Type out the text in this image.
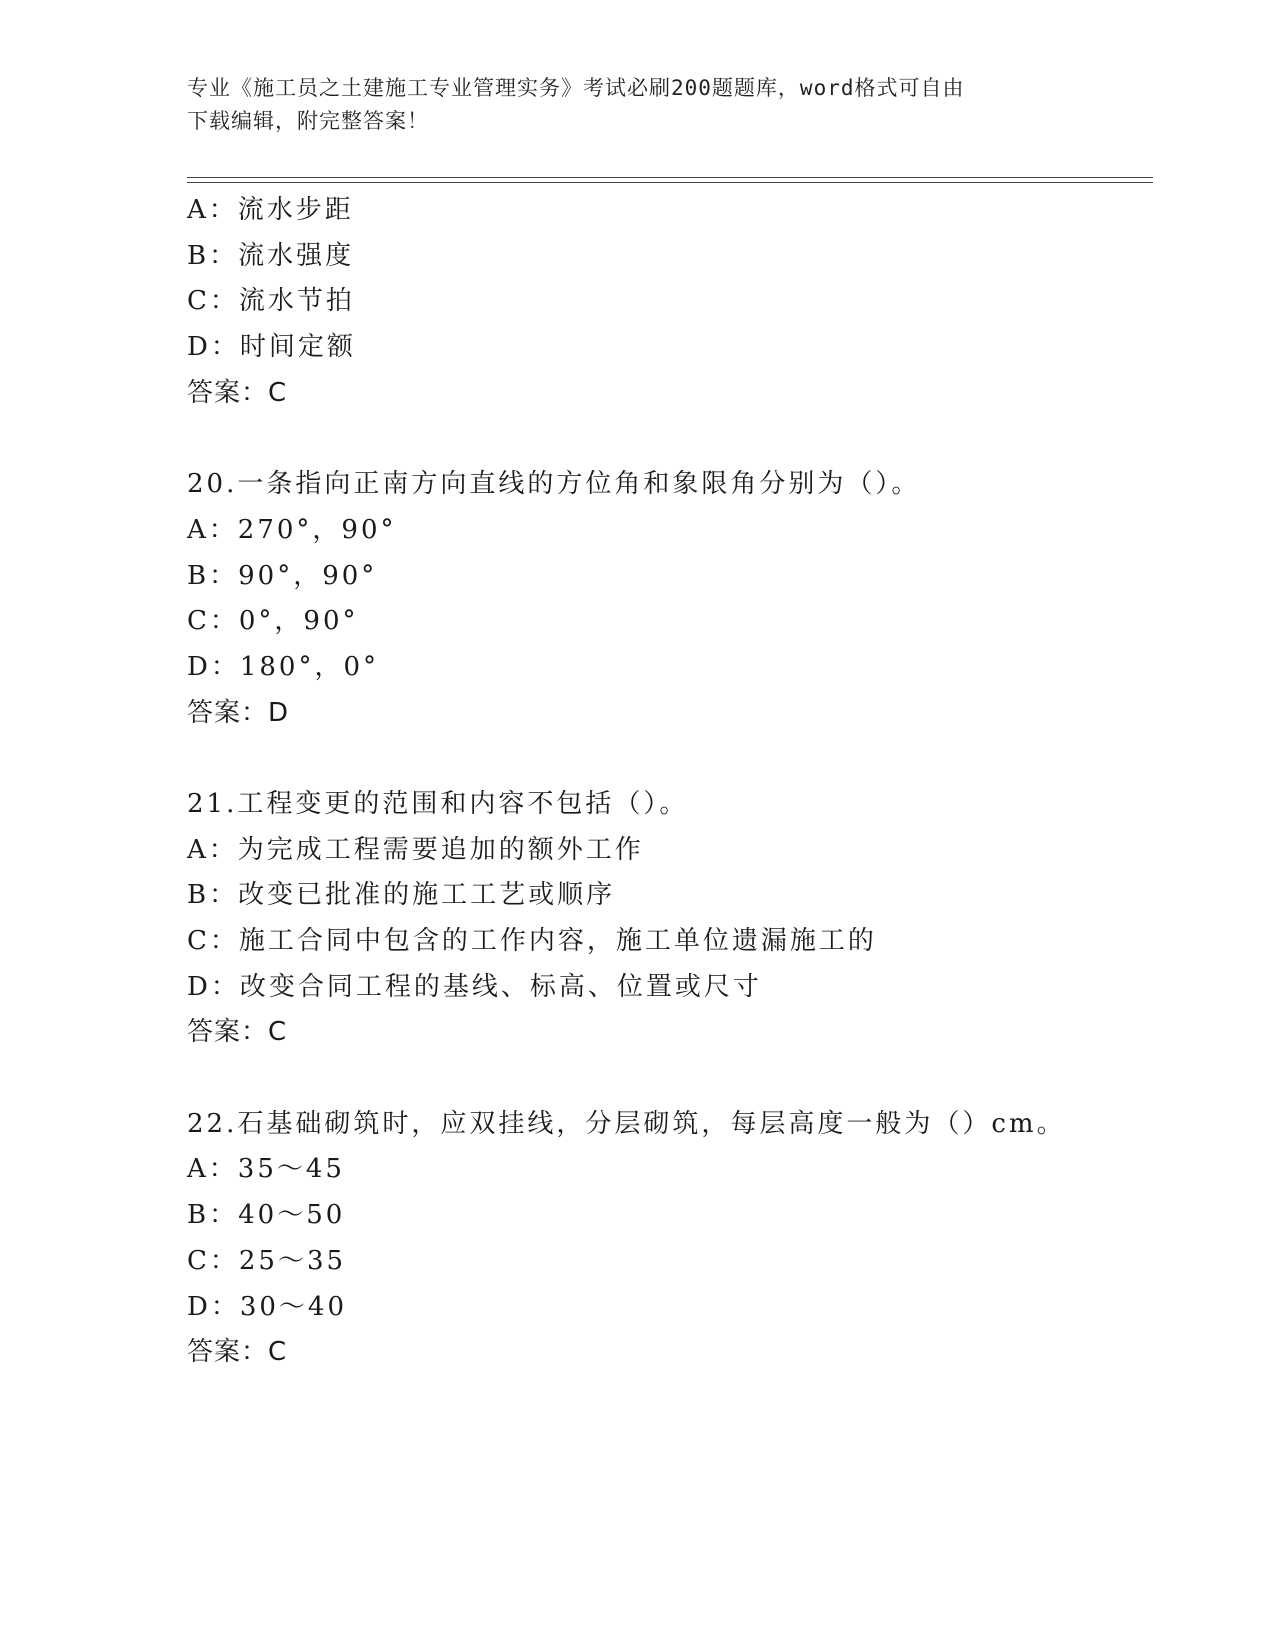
专业《施工员之土建施工专业管理实务》考试必刷200题题库，word格式可自由
下载编辑，附完整答案！
A：流水步距
B：流水强度
C：流水节拍
D：时间定额
答案：C
20.一条指向正南方向直线的方位角和象限角分别为（）。
A：270°，90°
B：90°，90°
C：0°，90°
D：180°，0°
答案：D
21.工程变更的范围和内容不包括（）。
A：为完成工程需要追加的额外工作
B：改变已批准的施工工艺或顺序
C：施工合同中包含的工作内容，施工单位遗漏施工的
D：改变合同工程的基线、标高、位置或尺寸
答案：C
22.石基础砌筑时，应双挂线，分层砌筑，每层高度一般为（）cm。
A：35～45
B：40～50
C：25～35
D：30～40
答案：C
